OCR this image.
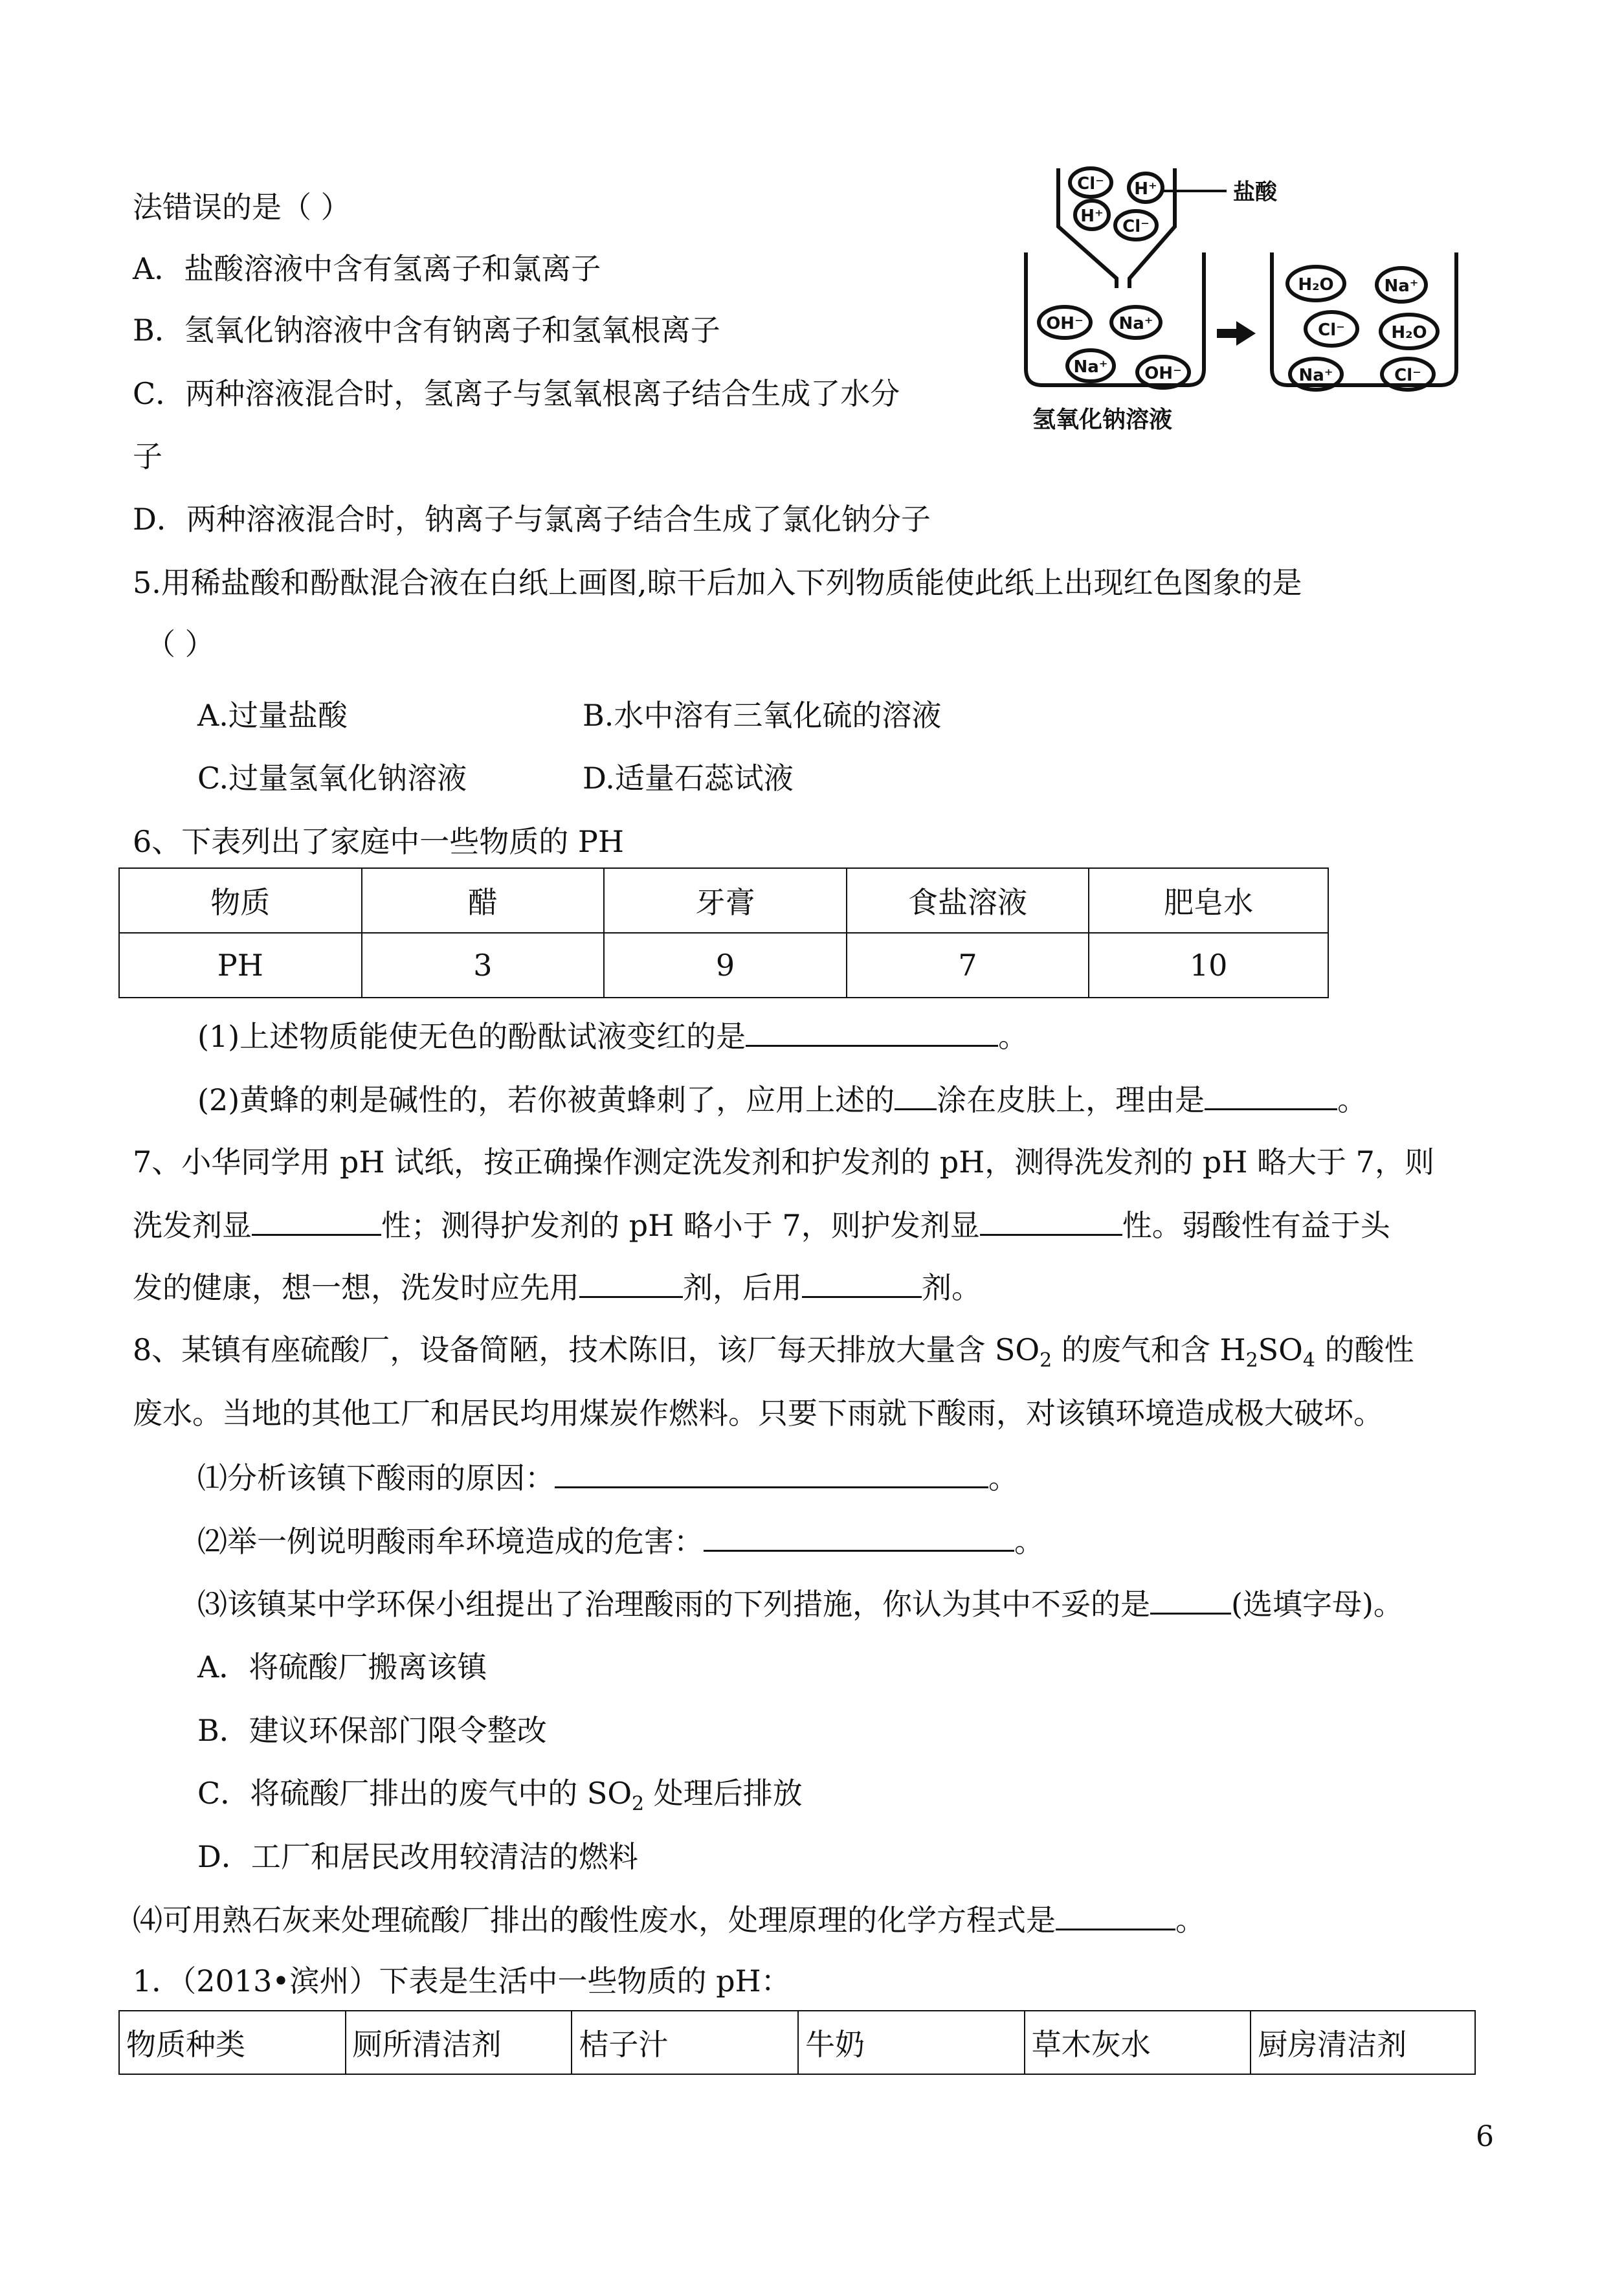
法错误的是（ ）
A．盐酸溶液中含有氢离子和氯离子
B．氢氧化钠溶液中含有钠离子和氢氧根离子
C．两种溶液混合时，氢离子与氢氧根离子结合生成了水分
子
D．两种溶液混合时，钠离子与氯离子结合生成了氯化钠分子
Cl⁻ H⁺
H⁺
Cl⁻
OH⁻ Na⁺
Na⁺ OH⁻
H₂O	Na⁺
Cl⁻	H₂O
Na⁺	Cl⁻
盐酸
氢氧化钠溶液
5.用稀盐酸和酚酞混合液在白纸上画图,晾干后加入下列物质能使此纸上出现红色图象的是
（ ）
A.过量盐酸	B.水中溶有三氧化硫的溶液
C.过量氢氧化钠溶液	D.适量石蕊试液
6、下表列出了家庭中一些物质的 PH
物质	醋	牙膏	食盐溶液	肥皂水
PH	3	9	7	10
(1)上述物质能使无色的酚酞试液变红的是	。
(2)黄蜂的刺是碱性的，若你被黄蜂刺了，应用上述的 涂在皮肤上，理由是	。
7、小华同学用 pH 试纸，按正确操作测定洗发剂和护发剂的 pH，测得洗发剂的 pH 略大于 7，则
洗发剂显	性；测得护发剂的 pH 略小于 7，则护发剂显	性。弱酸性有益于头
发的健康，想一想，洗发时应先用	剂，后用	剂。
8、某镇有座硫酸厂，设备简陋，技术陈旧，该厂每天排放大量含 $SO_2$ 的废气和含 $H_2SO_4$ 的酸性
废水。当地的其他工厂和居民均用煤炭作燃料。只要下雨就下酸雨，对该镇环境造成极大破坏。
⑴分析该镇下酸雨的原因：	。
⑵举一例说明酸雨牟环境造成的危害：	。
⑶该镇某中学环保小组提出了治理酸雨的下列措施，你认为其中不妥的是	(选填字母)。
A．将硫酸厂搬离该镇
B．建议环保部门限令整改
C．将硫酸厂排出的废气中的 $SO_2$ 处理后排放
D．工厂和居民改用较清洁的燃料
⑷可用熟石灰来处理硫酸厂排出的酸性废水，处理原理的化学方程式是	。
1．（2013•滨州）下表是生活中一些物质的 pH：
物质种类	厕所清洁剂	桔子汁	牛奶	草木灰水	厨房清洁剂
6
